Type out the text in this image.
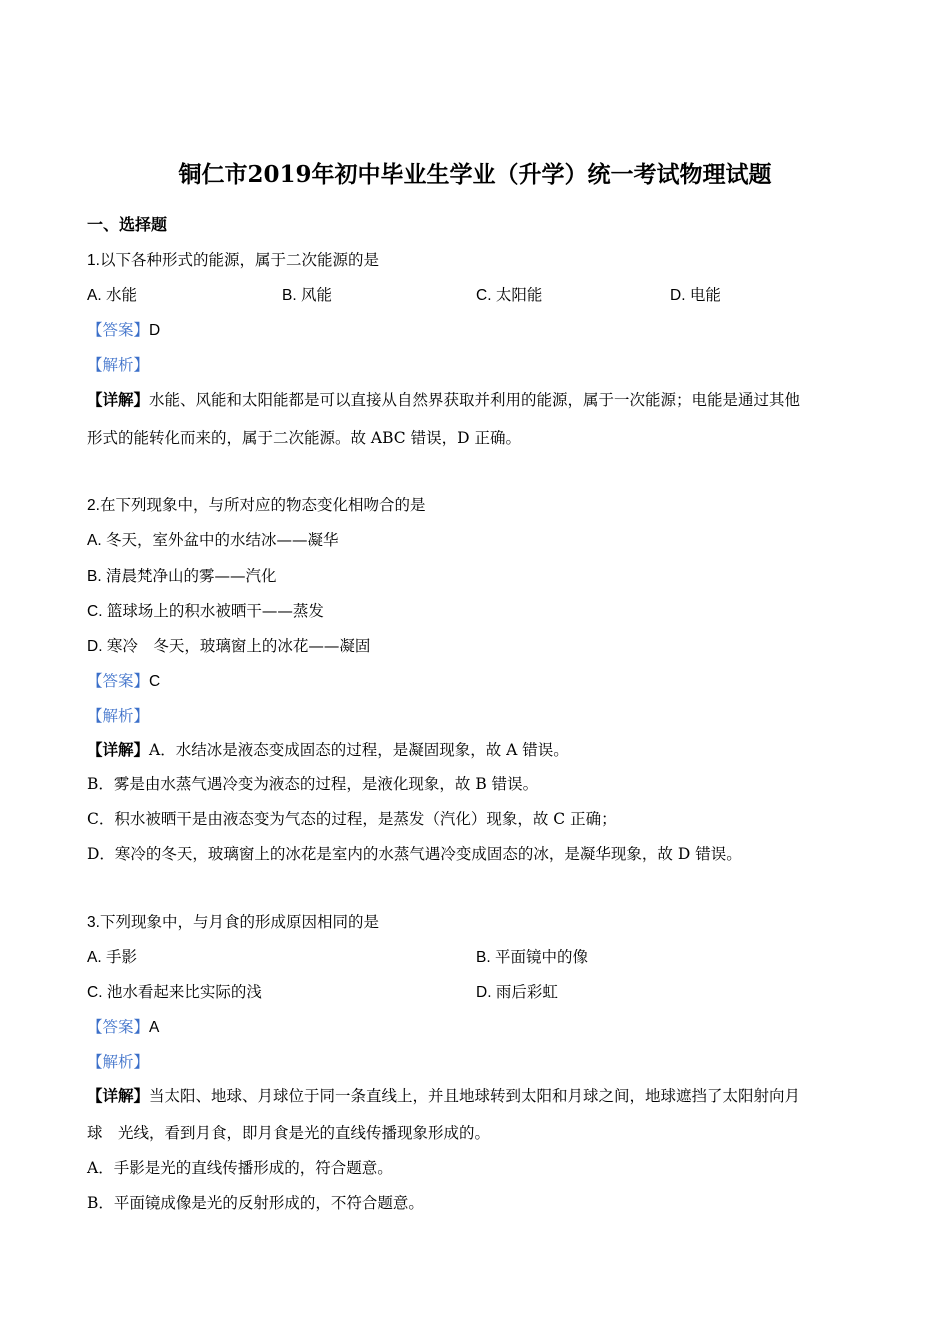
铜仁市2019年初中毕业生学业（升学）统一考试物理试题
一、选择题
1.以下各种形式的能源，属于二次能源的是
A. 水能	B. 风能	C. 太阳能	D. 电能
【答案】D
【解析】
【详解】水能、风能和太阳能都是可以直接从自然界获取并利用的能源，属于一次能源；电能是通过其他
形式的能转化而来的，属于二次能源。故 ABC 错误，D 正确。
2.在下列现象中，与所对应的物态变化相吻合的是
A. 冬天，室外盆中的水结冰——凝华
B. 清晨梵净山的雾——汽化
C. 篮球场上的积水被晒干——蒸发
D. 寒冷　冬天，玻璃窗上的冰花——凝固
【答案】C
【解析】
【详解】A．水结冰是液态变成固态的过程，是凝固现象，故 A 错误。
B．雾是由水蒸气遇冷变为液态的过程，是液化现象，故 B 错误。
C．积水被晒干是由液态变为气态的过程，是蒸发（汽化）现象，故 C 正确；
D．寒冷的冬天，玻璃窗上的冰花是室内的水蒸气遇冷变成固态的冰，是凝华现象，故 D 错误。
3.下列现象中，与月食的形成原因相同的是
A. 手影	B. 平面镜中的像
C. 池水看起来比实际的浅	D. 雨后彩虹
【答案】A
【解析】
【详解】当太阳、地球、月球位于同一条直线上，并且地球转到太阳和月球之间，地球遮挡了太阳射向月
球　光线，看到月食，即月食是光的直线传播现象形成的。
A．手影是光的直线传播形成的，符合题意。
B．平面镜成像是光的反射形成的，不符合题意。
